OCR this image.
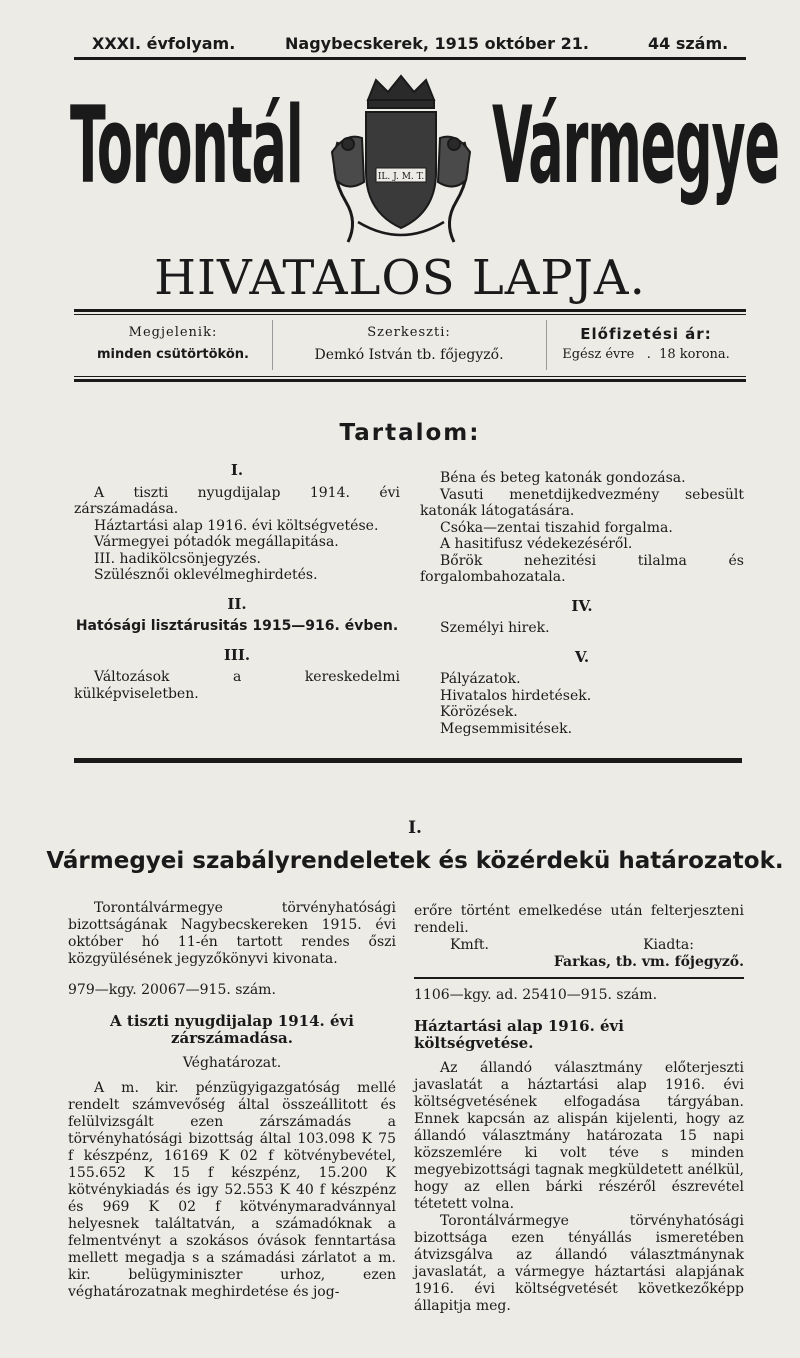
XXXI. évfolyam.	Nagybecskerek, 1915 október 21.	44 szám.
Torontál Vármegye
IL. J. M. T.
HIVATALOS LAPJA.
Megjelenik:
minden csütörtökön.
Szerkeszti:
Demkó István tb. főjegyző.
Előfizetési ár:
Egész évre   .  18 korona.
Tartalom:
I.

A tiszti nyugdijalap 1914. évi zárszámadása.

Háztartási alap 1916. évi költségvetése.

Vármegyei pótadók megállapitása.

III. hadikölcsönjegyzés.

Szülésznői oklevélmeghirdetés.

II.
Hatósági lisztárusitás 1915—916. évben.
III.

Változások a kereskedelmi külképviseletben.

Béna és beteg katonák gondozása.

Vasuti menetdijkedvezmény sebesült katonák látogatására.

Csóka—zentai tiszahid forgalma.

A hasitifusz védekezéséről.

Bőrök nehezitési tilalma és forgalombahozatala.

IV.

Személyi hirek.

V.

Pályázatok.

Hivatalos hirdetések.

Körözések.

Megsemmisitések.

I.
Vármegyei szabályrendeletek és közérdekü határozatok.

Torontálvármegye törvényhatósági bizottságának Nagybecskereken 1915. évi október hó 11-én tartott rendes őszi közgyülésének jegyzőkönyvi kivonata.

979—kgy. 20067—915. szám.

A tiszti nyugdijalap 1914. évi zárszámadása.

Véghatározat.

A m. kir. pénzügyigazgatóság mellé rendelt számvevőség által összeállitott és felülvizsgált ezen zárszámadás a törvényhatósági bizottság által 103.098 K 75 f készpénz, 16169 K 02 f kötvénybevétel, 155.652 K 15 f készpénz, 15.200 K kötvénykiadás és igy 52.553 K 40 f készpénz és 969 K 02 f kötvénymaradvánnyal helyesnek találtatván, a számadóknak a felmentvényt a szokásos óvások fenntartása mellett megadja s a számadási zárlatot a m. kir. belügyminiszter urhoz, ezen véghatározatnak meghirdetése és jog-

erőre történt emelkedése után felterjeszteni rendeli.

Kmft.	Kiadta:

Farkas, tb. vm. főjegyző.

1106—kgy. ad. 25410—915. szám.

Háztartási alap 1916. évi költségvetése.

Az állandó választmány előterjeszti javaslatát a háztartási alap 1916. évi költségvetésének elfogadása tárgyában. Ennek kapcsán az alispán kijelenti, hogy az állandó választmány határozata 15 napi közszemlére ki volt téve s minden megyebizottsági tagnak megküldetett anélkül, hogy az ellen bárki részéről észrevétel tétetett volna.

Torontálvármegye törvényhatósági bizottsága ezen tényállás ismeretében átvizsgálva az állandó választmánynak javaslatát, a vármegye háztartási alapjának 1916. évi költségvetését következőképp állapitja meg.
